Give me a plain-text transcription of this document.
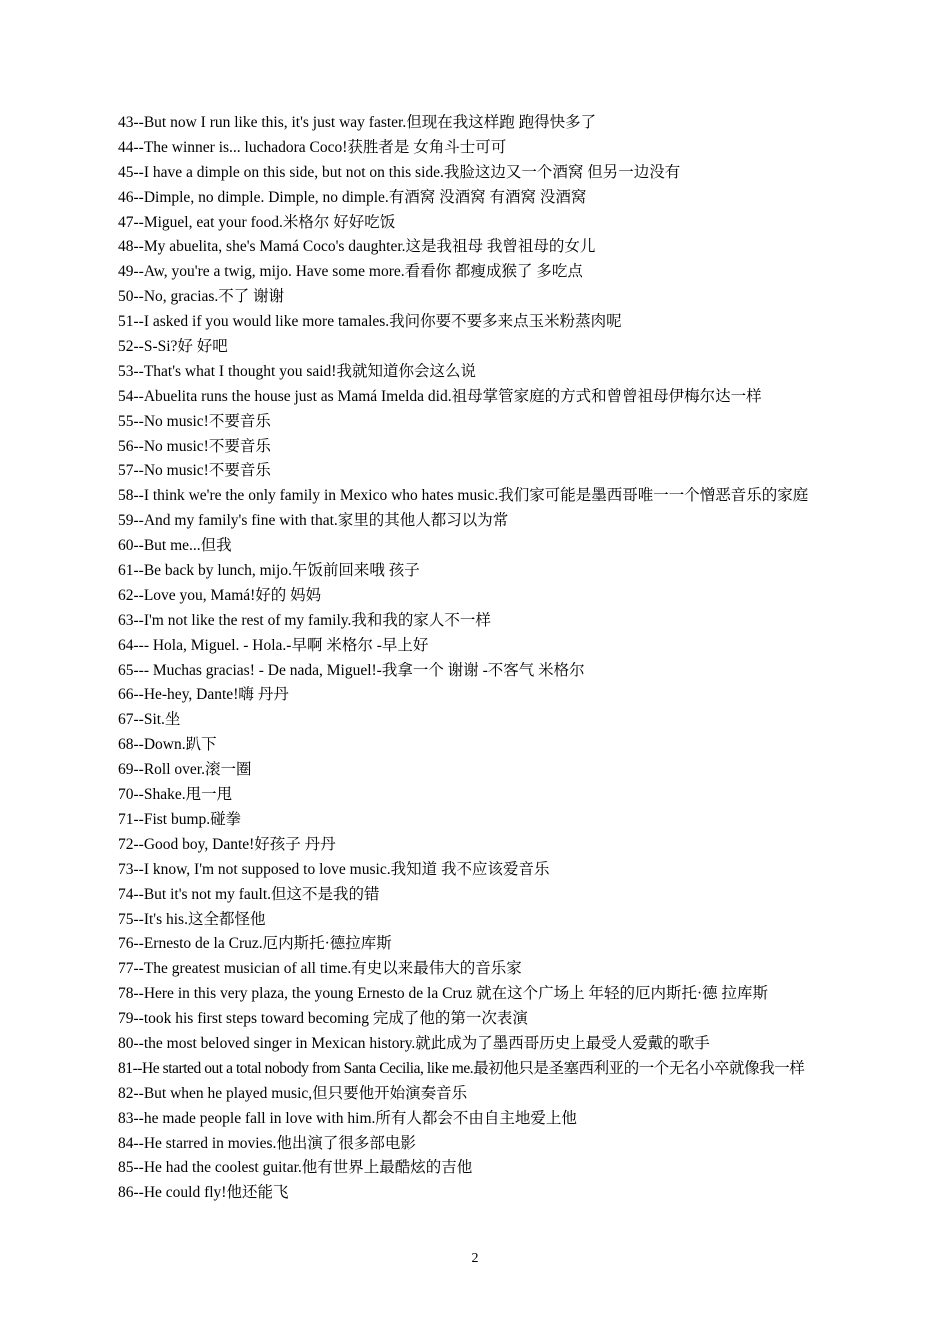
43--But now I run like this, it's just way faster.但现在我这样跑 跑得快多了
44--The winner is... luchadora Coco!获胜者是 女角斗士可可
45--I have a dimple on this side, but not on this side.我脸这边又一个酒窝 但另一边没有
46--Dimple, no dimple. Dimple, no dimple.有酒窝 没酒窝 有酒窝 没酒窝
47--Miguel, eat your food.米格尔 好好吃饭
48--My abuelita, she's Mamá Coco's daughter.这是我祖母 我曾祖母的女儿
49--Aw, you're a twig, mijo. Have some more.看看你 都瘦成猴了 多吃点
50--No, gracias.不了 谢谢
51--I asked if you would like more tamales.我问你要不要多来点玉米粉蒸肉呢
52--S-Si?好 好吧
53--That's what I thought you said!我就知道你会这么说
54--Abuelita runs the house just as Mamá Imelda did.祖母掌管家庭的方式和曾曾祖母伊梅尔达一样
55--No music!不要音乐
56--No music!不要音乐
57--No music!不要音乐
58--I think we're the only family in Mexico who hates music.我们家可能是墨西哥唯一一个憎恶音乐的家庭
59--And my family's fine with that.家里的其他人都习以为常
60--But me...但我
61--Be back by lunch, mijo.午饭前回来哦 孩子
62--Love you, Mamá!好的 妈妈
63--I'm not like the rest of my family.我和我的家人不一样
64--- Hola, Miguel. - Hola.-早啊 米格尔 -早上好
65--- Muchas gracias! - De nada, Miguel!-我拿一个 谢谢 -不客气 米格尔
66--He-hey, Dante!嗨 丹丹
67--Sit.坐
68--Down.趴下
69--Roll over.滚一圈
70--Shake.甩一甩
71--Fist bump.碰拳
72--Good boy, Dante!好孩子 丹丹
73--I know, I'm not supposed to love music.我知道 我不应该爱音乐
74--But it's not my fault.但这不是我的错
75--It's his.这全都怪他
76--Ernesto de la Cruz.厄内斯托·德拉库斯
77--The greatest musician of all time.有史以来最伟大的音乐家
78--Here in this very plaza, the young Ernesto de la Cruz 就在这个广场上 年轻的厄内斯托·德 拉库斯
79--took his first steps toward becoming 完成了他的第一次表演
80--the most beloved singer in Mexican history.就此成为了墨西哥历史上最受人爱戴的歌手
81--He started out a total nobody from Santa Cecilia, like me.最初他只是圣塞西利亚的一个无名小卒就像我一样
82--But when he played music,但只要他开始演奏音乐
83--he made people fall in love with him.所有人都会不由自主地爱上他
84--He starred in movies.他出演了很多部电影
85--He had the coolest guitar.他有世界上最酷炫的吉他
86--He could fly!他还能飞
2
